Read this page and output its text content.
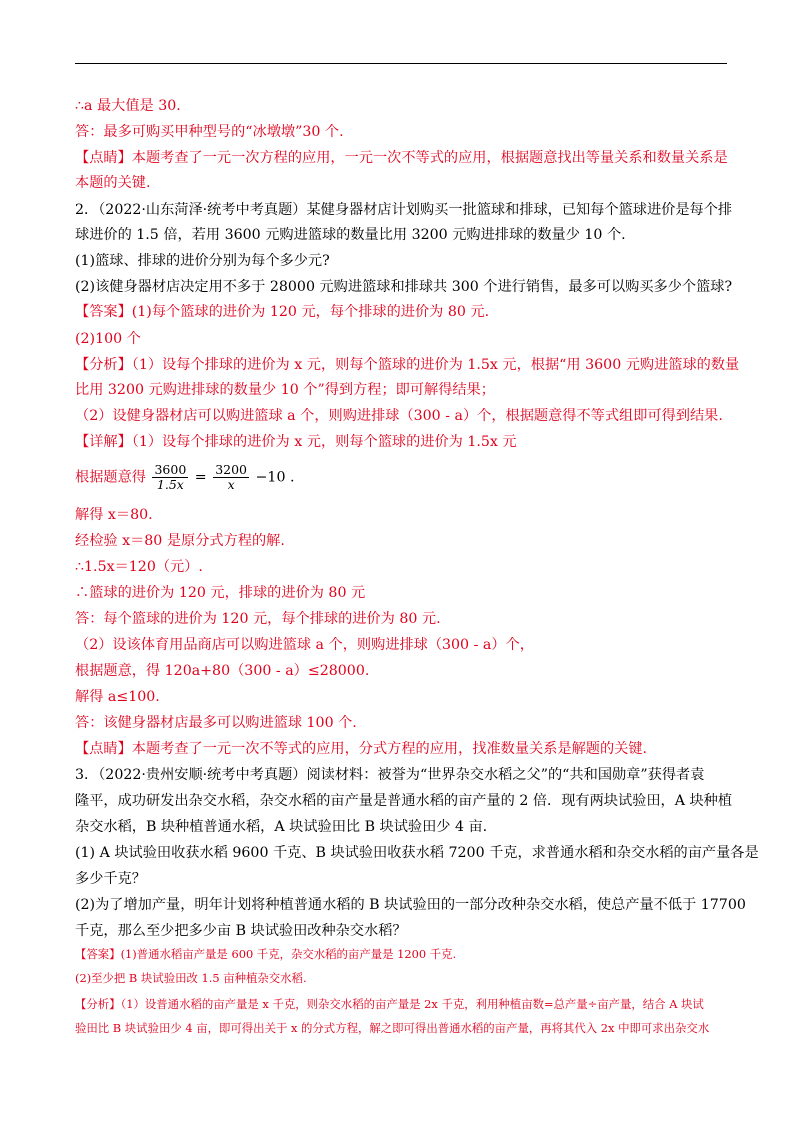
∴a 最大值是 30.
答：最多可购买甲种型号的“冰墩墩”30 个.
【点睛】本题考查了一元一次方程的应用，一元一次不等式的应用，根据题意找出等量关系和数量关系是
本题的关键.
2．（2022·山东菏泽·统考中考真题）某健身器材店计划购买一批篮球和排球，已知每个篮球进价是每个排
球进价的 1.5 倍，若用 3600 元购进篮球的数量比用 3200 元购进排球的数量少 10 个.
(1)篮球、排球的进价分别为每个多少元?
(2)该健身器材店决定用不多于 28000 元购进篮球和排球共 300 个进行销售，最多可以购买多少个篮球?
【答案】(1)每个篮球的进价为 120 元，每个排球的进价为 80 元.
(2)100 个
【分析】（1）设每个排球的进价为 x 元，则每个篮球的进价为 1.5x 元，根据“用 3600 元购进篮球的数量
比用 3200 元购进排球的数量少 10 个”得到方程；即可解得结果；
（2）设健身器材店可以购进篮球 a 个，则购进排球（300 - a）个，根据题意得不等式组即可得到结果.
【详解】（1）设每个排球的进价为 x 元，则每个篮球的进价为 1.5x 元
根据题意得 $\frac{3600}{1.5x} = \frac{3200}{x} -10$ .
解得 x＝80.
经检验 x＝80 是原分式方程的解.
∴1.5x＝120（元）.
∴篮球的进价为 120 元，排球的进价为 80 元
答：每个篮球的进价为 120 元，每个排球的进价为 80 元.
（2）设该体育用品商店可以购进篮球 a 个，则购进排球（300 - a）个，
根据题意，得 120a+80（300 - a）≤28000.
解得 a≤100.
答：该健身器材店最多可以购进篮球 100 个.
【点睛】本题考查了一元一次不等式的应用，分式方程的应用，找准数量关系是解题的关键.
3．（2022·贵州安顺·统考中考真题）阅读材料：被誉为“世界杂交水稻之父”的“共和国勋章”获得者袁
隆平，成功研发出杂交水稻，杂交水稻的亩产量是普通水稻的亩产量的 2 倍．现有两块试验田，A 块种植
杂交水稻，B 块种植普通水稻，A 块试验田比 B 块试验田少 4 亩.
(1) A 块试验田收获水稻 9600 千克、B 块试验田收获水稻 7200 千克，求普通水稻和杂交水稻的亩产量各是
多少千克？
(2)为了增加产量，明年计划将种植普通水稻的 B 块试验田的一部分改种杂交水稻，使总产量不低于 17700
千克，那么至少把多少亩 B 块试验田改种杂交水稻？
【答案】(1)普通水稻亩产量是 600 千克，杂交水稻的亩产量是 1200 千克.
(2)至少把 B 块试验田改 1.5 亩种植杂交水稻.
【分析】（1）设普通水稻的亩产量是 x 千克，则杂交水稻的亩产量是 2x 千克，利用种植亩数=总产量÷亩产量，结合 A 块试
验田比 B 块试验田少 4 亩，即可得出关于 x 的分式方程，解之即可得出普通水稻的亩产量，再将其代入 2x 中即可求出杂交水
